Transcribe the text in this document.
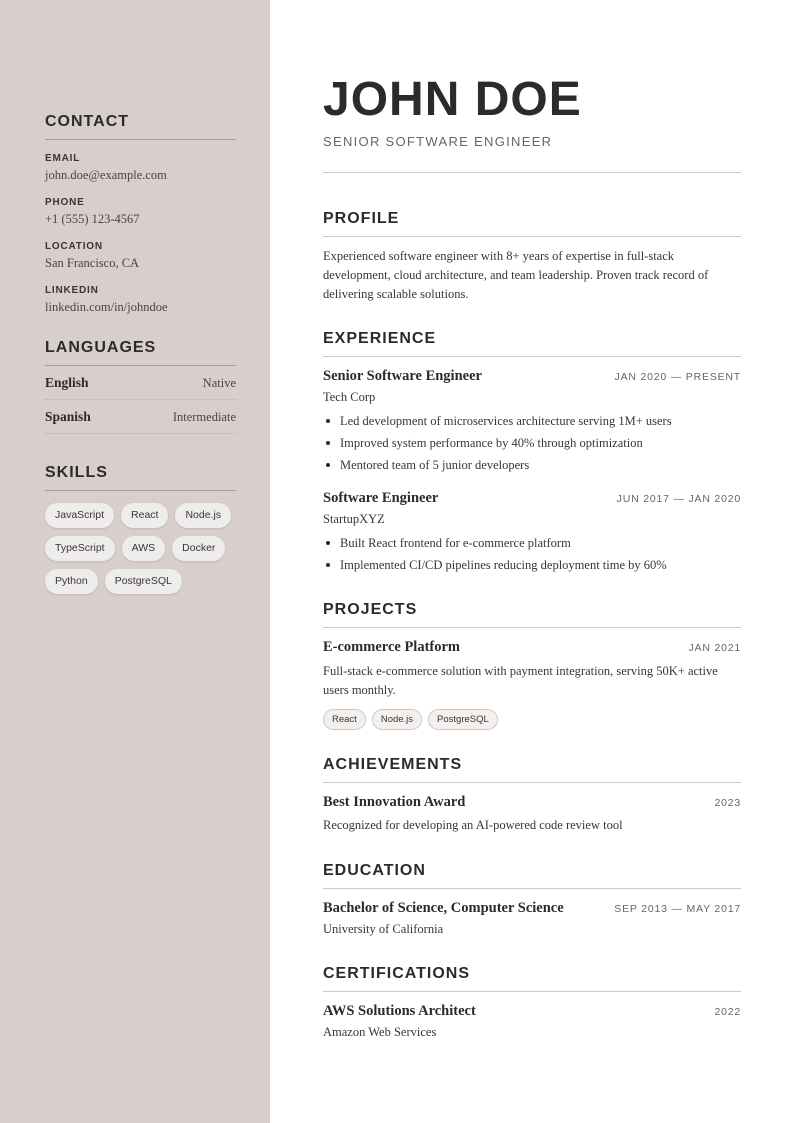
CONTACT
EMAIL
john.doe@example.com
PHONE
+1 (555) 123-4567
LOCATION
San Francisco, CA
LINKEDIN
linkedin.com/in/johndoe
LANGUAGES
English	Native
Spanish	Intermediate
SKILLS
JavaScript	React	Node.js
TypeScript	AWS	Docker
Python	PostgreSQL
JOHN DOE
SENIOR SOFTWARE ENGINEER
PROFILE

Experienced software engineer with 8+ years of expertise in full-stack development, cloud architecture, and team leadership. Proven track record of delivering scalable solutions.

EXPERIENCE
Senior Software Engineer	JAN 2020 — PRESENT
Tech Corp
Led development of microservices architecture serving 1M+ users
Improved system performance by 40% through optimization
Mentored team of 5 junior developers
Software Engineer	JUN 2017 — JAN 2020
StartupXYZ
Built React frontend for e-commerce platform
Implemented CI/CD pipelines reducing deployment time by 60%
PROJECTS
E-commerce Platform	JAN 2021

Full-stack e-commerce solution with payment integration, serving 50K+ active users monthly.

React	Node.js	PostgreSQL
ACHIEVEMENTS
Best Innovation Award	2023
Recognized for developing an AI-powered code review tool
EDUCATION
Bachelor of Science, Computer Science	SEP 2013 — MAY 2017
University of California
CERTIFICATIONS
AWS Solutions Architect	2022
Amazon Web Services
